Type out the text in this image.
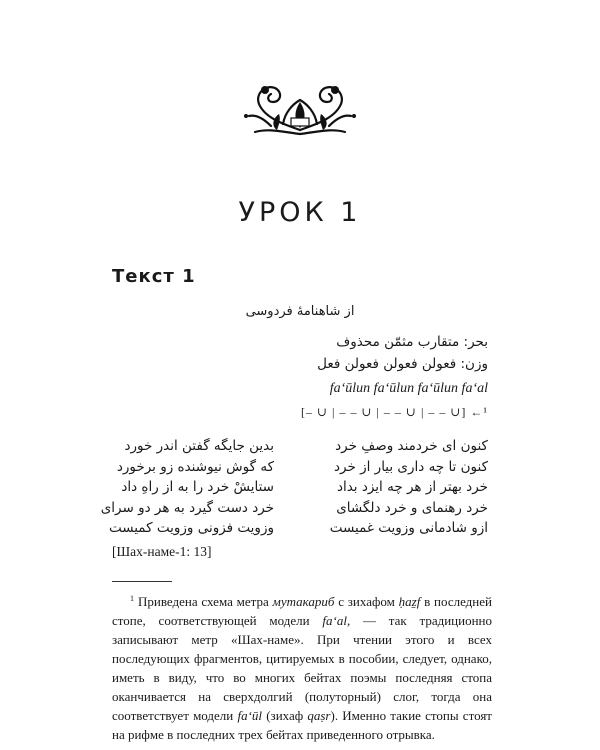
УРОК 1
Текст 1
از شاهنامهٔ فردوسی
بحر: متقارب مثمّن محذوف
وزن: فعولن فعولن فعولن فعل
faʻūlun faʻūlun faʻūlun faʻal
[– ∪ | – – ∪ | – – ∪ | – – ∪] ←¹
کنون ای خردمند وصفِ خرد
کنون تا چه داری بیار از خرد
خرد بهتر از هر چه ایزد بداد
خرد رهنمای و خرد دلگشای
ازو شادمانی وزویت غمیست
بدین جایگه گفتن اندر خورد
که گوش نیوشنده زو برخورد
ستایشْ خرد را به از راهِ داد
خرد دست گیرد به هر دو سرای
وزویت فزونی وزویت کمیست
[Шах-наме-1: 13]
$^1$ Приведена схема метра мутакариб с зихафом ḥaẕf в последней стопе, соответствующей модели faʻal, — так традиционно записывают метр «Шах-наме». При чтении этого и всех последующих фрагментов, цитируемых в пособии, следует, однако, иметь в виду, что во многих бейтах поэмы последняя стопа оканчивается на сверхдолгий (полуторный) слог, тогда она соответствует модели faʻūl (зихаф qaṣr). Именно такие стопы стоят на рифме в последних трех бейтах приведенного отрывка.
